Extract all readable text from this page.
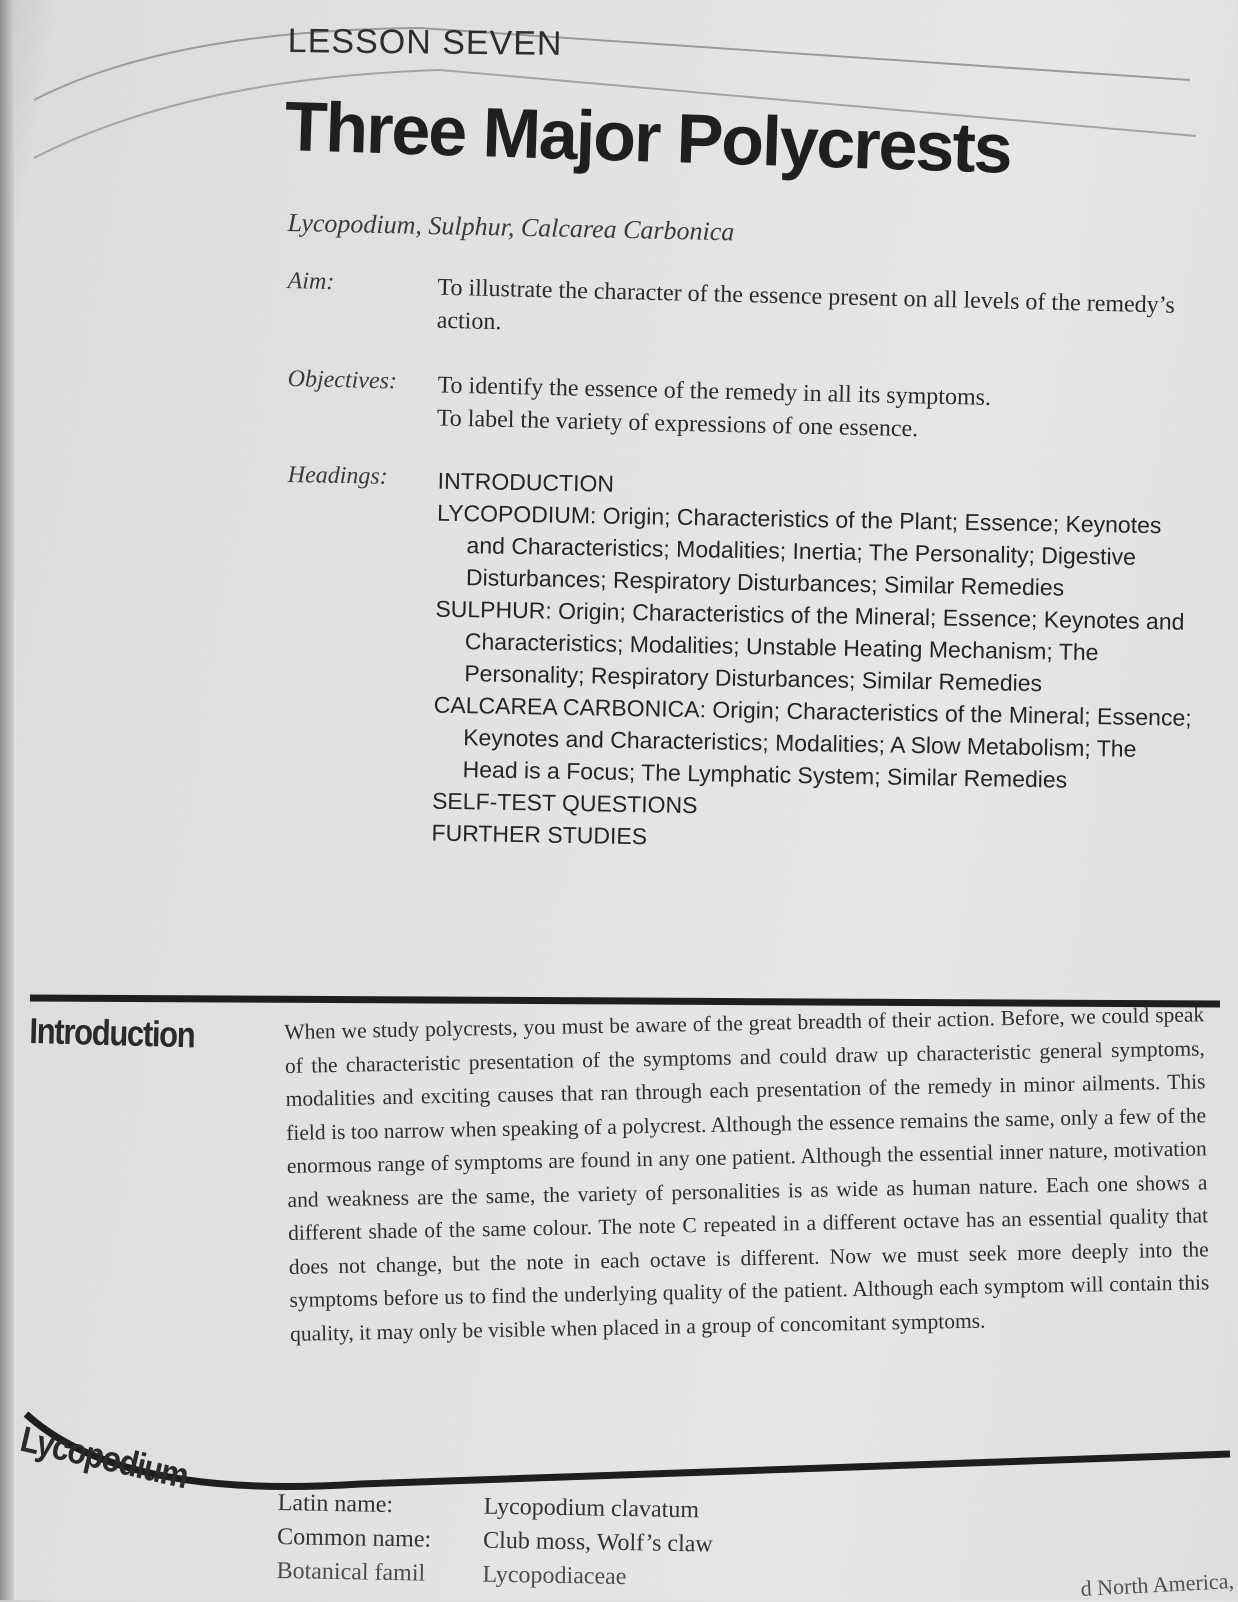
LESSON SEVEN
Three Major Polycrests
Lycopodium, Sulphur, Calcarea Carbonica
Aim:	To illustrate the character of the essence present on all levels of the remedy’s action.
Objectives: To identify the essence of the remedy in all its symptoms.
To label the variety of expressions of one essence.
Headings: INTRODUCTION
LYCOPODIUM: Origin; Characteristics of the Plant; Essence; Keynotes and Characteristics; Modalities; Inertia; The Personality; Digestive Disturbances; Respiratory Disturbances; Similar Remedies
SULPHUR: Origin; Characteristics of the Mineral; Essence; Keynotes and Characteristics; Modalities; Unstable Heating Mechanism; The Personality; Respiratory Disturbances; Similar Remedies
CALCAREA CARBONICA: Origin; Characteristics of the Mineral; Essence; Keynotes and Characteristics; Modalities; A Slow Metabolism; The Head is a Focus; The Lymphatic System; Similar Remedies
SELF-TEST QUESTIONS
FURTHER STUDIES
Introduction	When we study polycrests, you must be aware of the great breadth of their action. Before, we could speak of the characteristic presentation of the symptoms and could draw up characteristic general symptoms, modalities and exciting causes that ran through each presentation of the remedy in minor ailments. This field is too narrow when speaking of a polycrest. Although the essence remains the same, only a few of the enormous range of symptoms are found in any one patient. Although the essential inner nature, motivation and weakness are the same, the variety of personalities is as wide as human nature. Each one shows a different shade of the same colour. The note C repeated in a different octave has an essential quality that does not change, but the note in each octave is different. Now we must seek more deeply into the symptoms before us to find the underlying quality of the patient. Although each symptom will contain this quality, it may only be visible when placed in a group of concomitant symptoms.
Lycopodium
Latin name:	Lycopodium clavatum
Common name: Club moss, Wolf’s claw
Botanical famil Lycopodiaceae	d North America,
